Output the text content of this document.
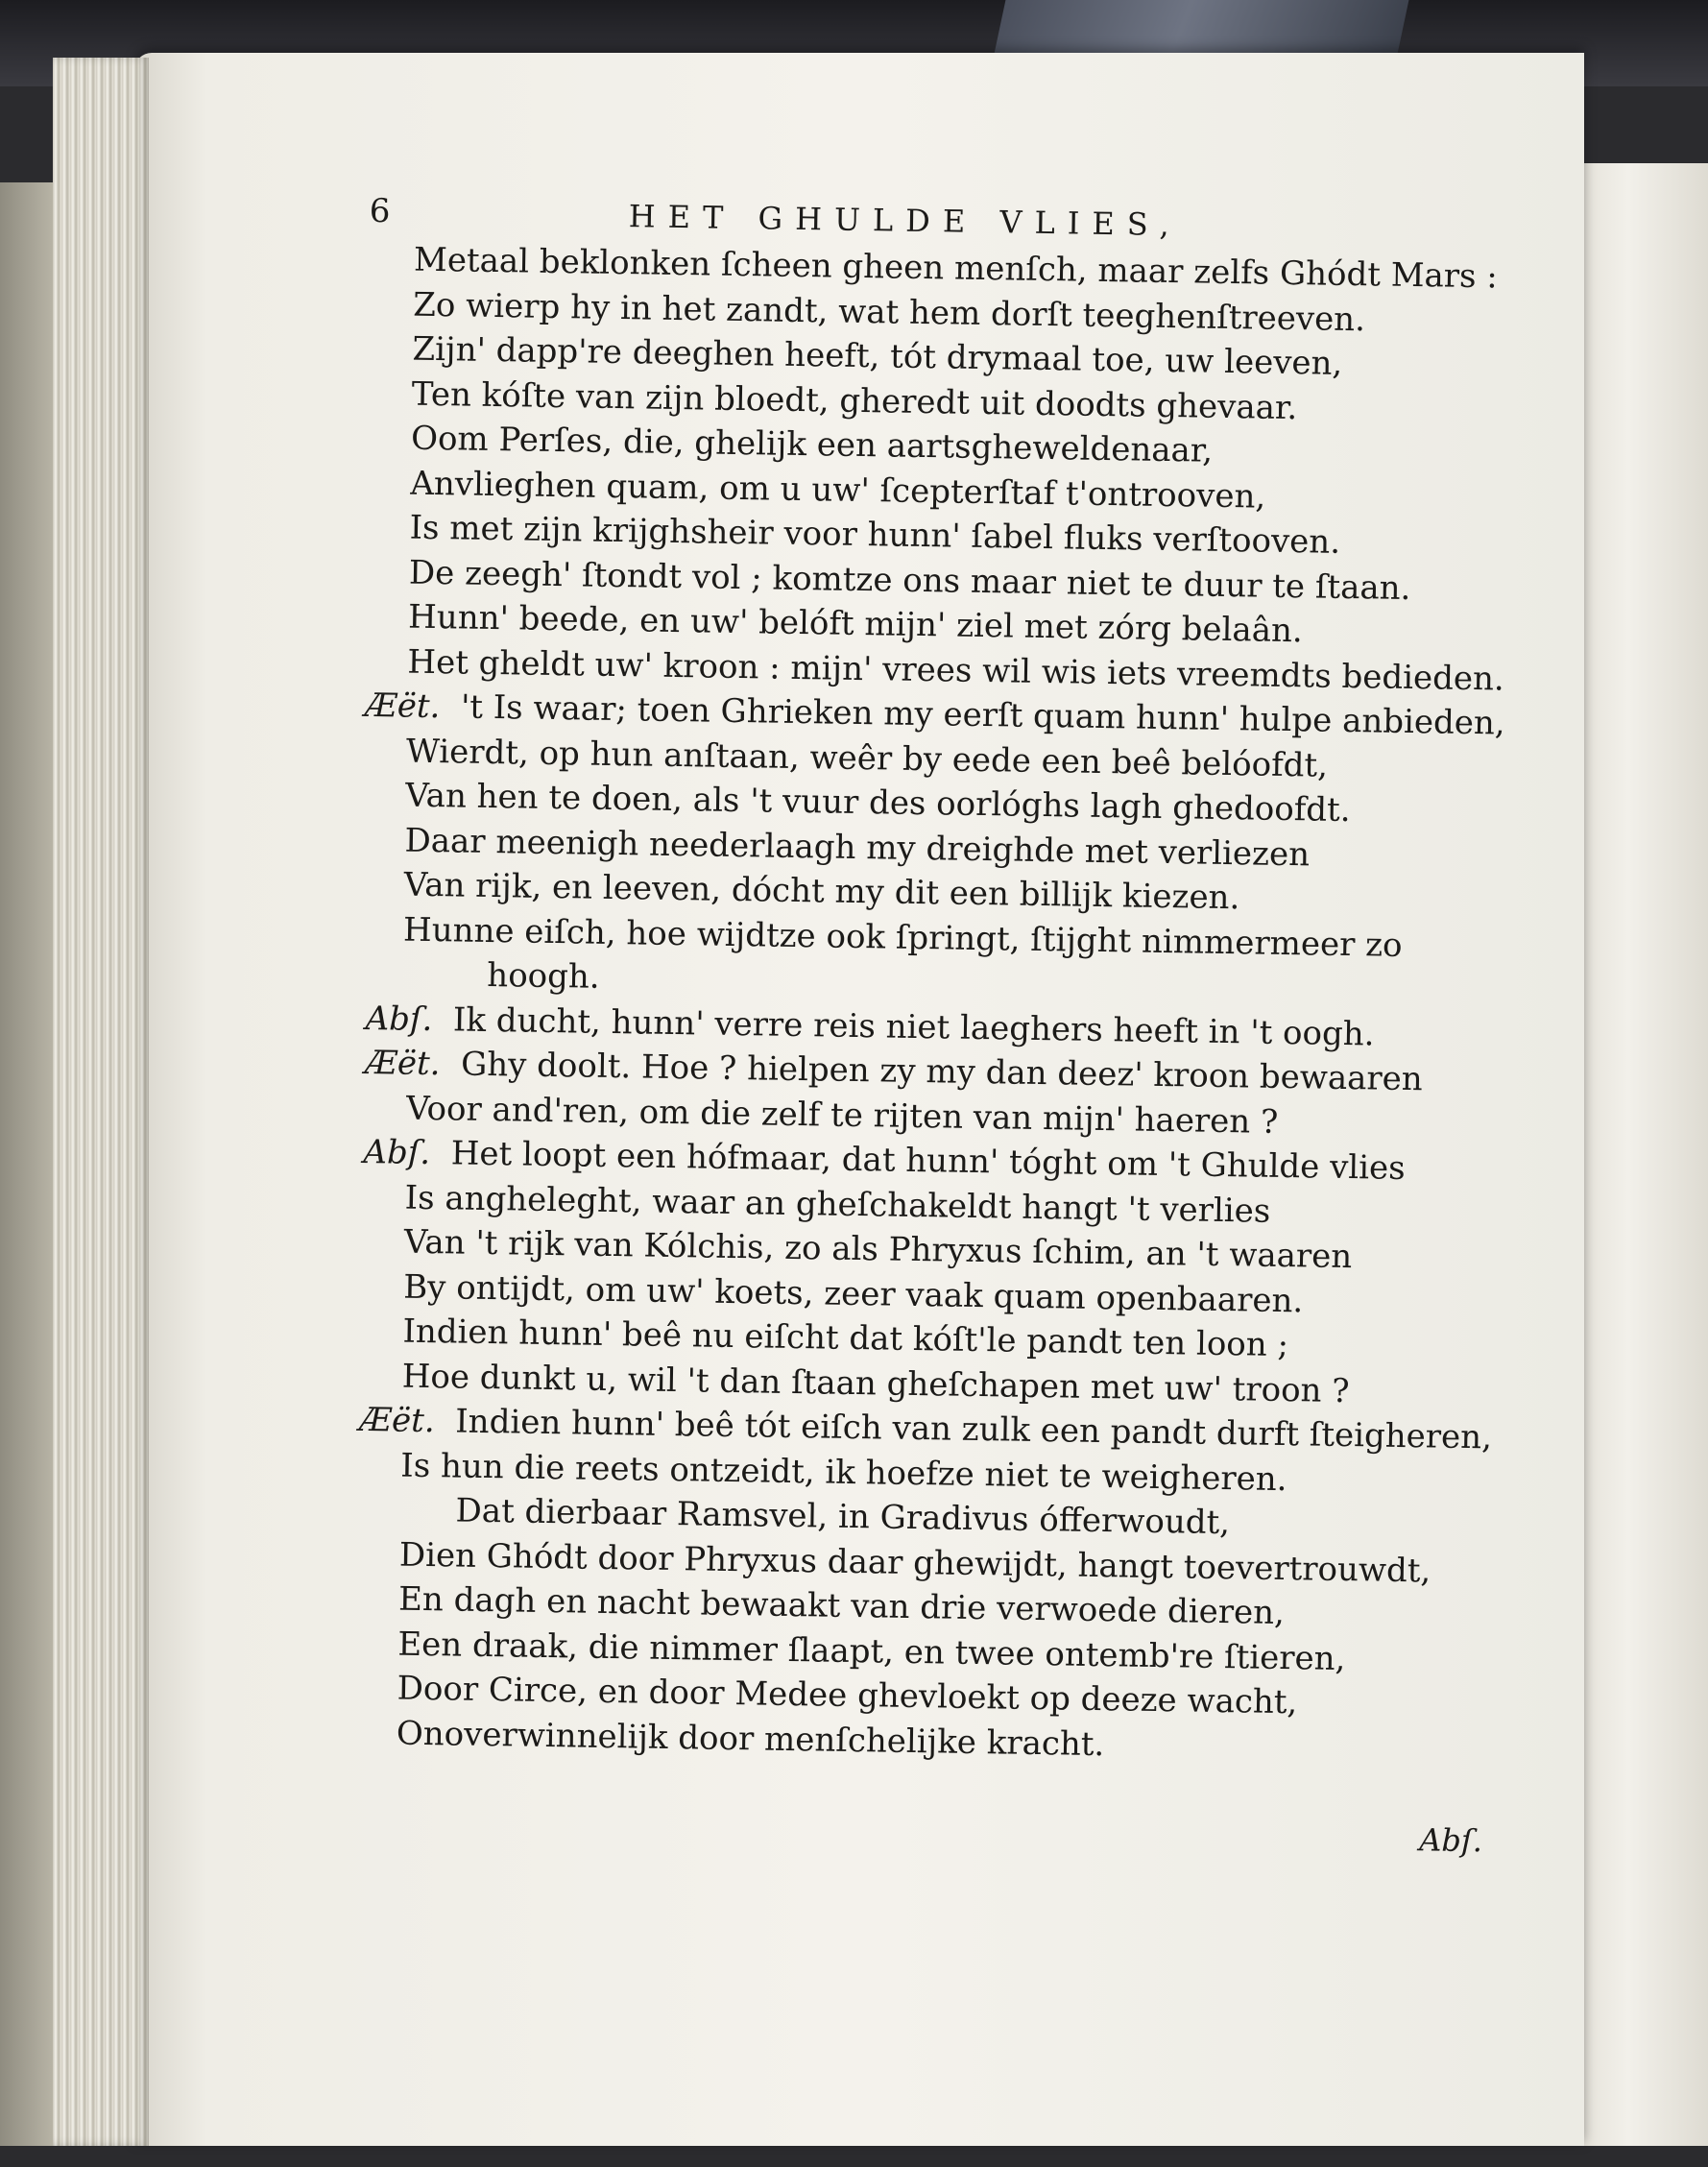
6	HET GHULDE VLIES,
Metaal beklonken ſcheen gheen menſch, maar zelfs Ghódt Mars :
Zo wierp hy in het zandt, wat hem dorſt teeghenſtreeven.
Zijn' dapp're deeghen heeft, tót drymaal toe, uw leeven,
Ten kóſte van zijn bloedt, gheredt uit doodts ghevaar.
Oom Perſes, die, ghelijk een aartsgheweldenaar,
Anvlieghen quam, om u uw' ſcepterſtaf t'ontrooven,
Is met zijn krijghsheir voor hunn' ſabel fluks verſtooven.
De zeegh' ſtondt vol ; komtze ons maar niet te duur te ſtaan.
Hunn' beede, en uw' belóft mijn' ziel met zórg belaân.
Het gheldt uw' kroon : mijn' vrees wil wis iets vreemdts bedieden.
Æët. 't Is waar; toen Ghrieken my eerſt quam hunn' hulpe anbieden,
Wierdt, op hun anſtaan, weêr by eede een beê belóofdt,
Van hen te doen, als 't vuur des oorlóghs lagh ghedoofdt.
Daar meenigh neederlaagh my dreighde met verliezen
Van rijk, en leeven, dócht my dit een billijk kiezen.
Hunne eiſch, hoe wijdtze ook ſpringt, ſtijght nimmermeer zo
hoogh.
Abſ. Ik ducht, hunn' verre reis niet laeghers heeft in 't oogh.
Æët. Ghy doolt. Hoe ? hielpen zy my dan deez' kroon bewaaren
Voor and'ren, om die zelf te rijten van mijn' haeren ?
Abſ. Het loopt een hófmaar, dat hunn' tóght om 't Ghulde vlies
Is angheleght, waar an gheſchakeldt hangt 't verlies
Van 't rijk van Kólchis, zo als Phryxus ſchim, an 't waaren
By ontijdt, om uw' koets, zeer vaak quam openbaaren.
Indien hunn' beê nu eiſcht dat kóſt'le pandt ten loon ;
Hoe dunkt u, wil 't dan ſtaan gheſchapen met uw' troon ?
Æët. Indien hunn' beê tót eiſch van zulk een pandt durft ſteigheren,
Is hun die reets ontzeidt, ik hoefze niet te weigheren.
Dat dierbaar Ramsvel, in Gradivus ófferwoudt,
Dien Ghódt door Phryxus daar ghewijdt, hangt toevertrouwdt,
En dagh en nacht bewaakt van drie verwoede dieren,
Een draak, die nimmer ſlaapt, en twee ontemb're ſtieren,
Door Circe, en door Medee ghevloekt op deeze wacht,
Onoverwinnelijk door menſchelijke kracht.
Abſ.
